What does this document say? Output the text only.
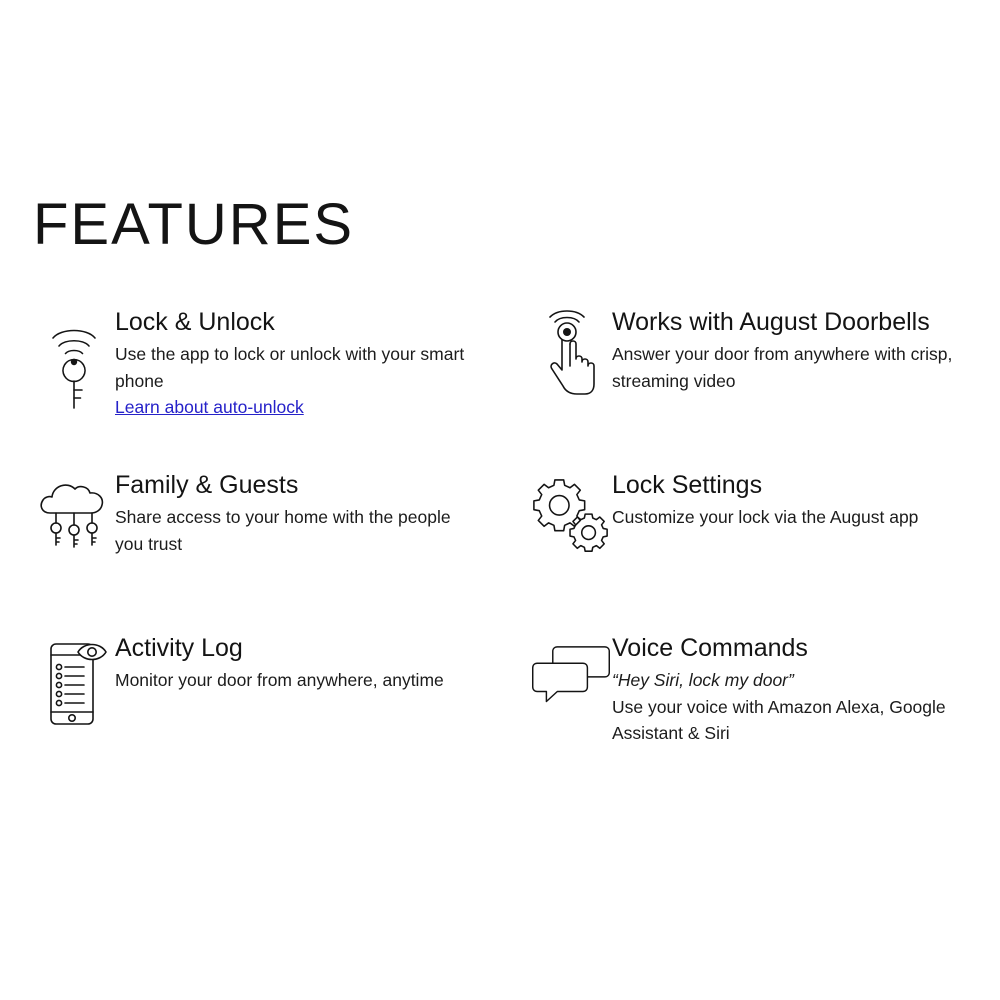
FEATURES
Lock & Unlock

Use the app to lock or unlock with your smart phone

Learn about auto-unlock
Works with August Doorbells

Answer your door from anywhere with crisp, streaming video

Family & Guests

Share access to your home with the people you trust

Lock Settings

Customize your lock via the August app

Activity Log

Monitor your door from anywhere, anytime

Voice Commands

“Hey Siri, lock my door”

Use your voice with Amazon Alexa, Google Assistant & Siri
